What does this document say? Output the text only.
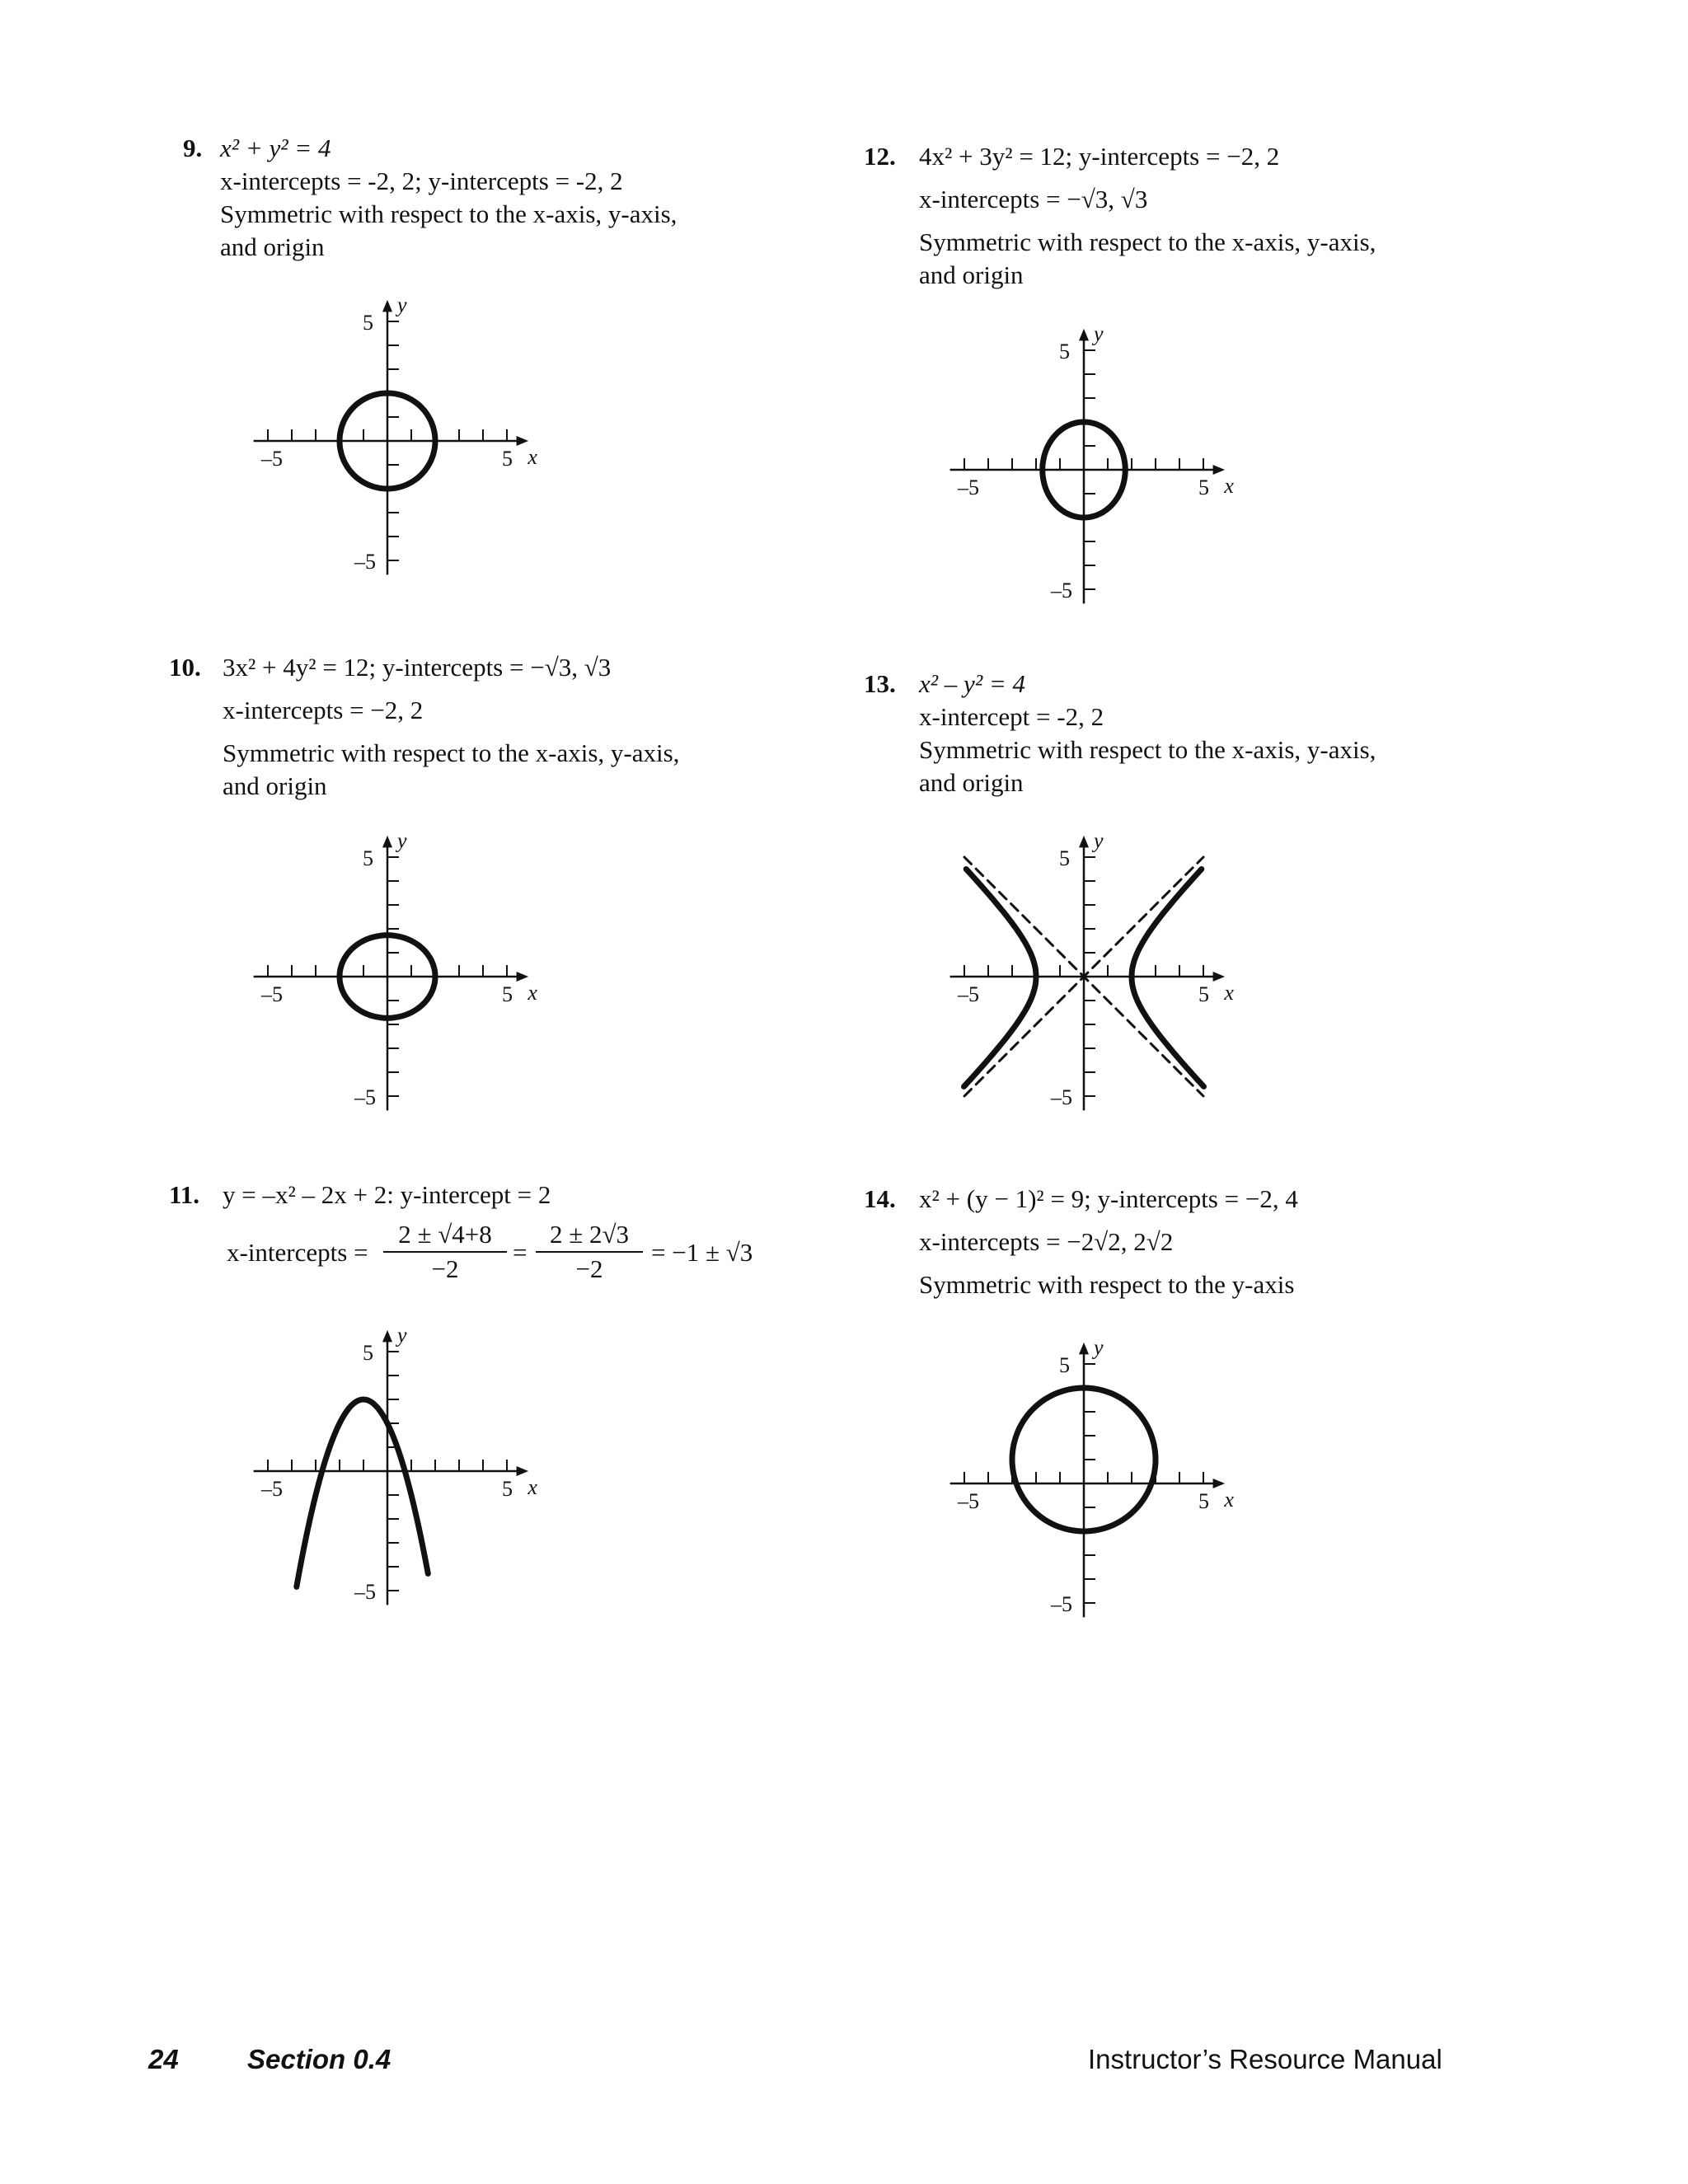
9. x² + y² = 4
x-intercepts = -2, 2; y-intercepts = -2, 2
Symmetric with respect to the x-axis, y-axis,
and origin
10. 3x² + 4y² = 12; y-intercepts = −√3, √3
x-intercepts = −2, 2
Symmetric with respect to the x-axis, y-axis,
and origin
11. y = –x² – 2x + 2: y-intercept = 2
x-intercepts = $\frac{2 \pm √4+8}{-2} = \frac{2 \pm 2√3}{-2} = -1 \pm √3$
12. 4x² + 3y² = 12; y-intercepts = −2, 2
x-intercepts = −√3, √3
Symmetric with respect to the x-axis, y-axis,
and origin
13. x² – y² = 4
x-intercept = -2, 2
Symmetric with respect to the x-axis, y-axis,
and origin
14. x² + (y − 1)² = 9; y-intercepts = −2, 4
x-intercepts = −2√2, 2√2
Symmetric with respect to the y-axis
–5	5 x
5
–5
y
–5	5 x
5
–5
y
–5	5 x
5
–5
y
–5	5 x
5
–5
y
–5	5 x
5
–5
y
–5	5 x
5
–5
y
24	Section 0.4	Instructor’s Resource Manual
